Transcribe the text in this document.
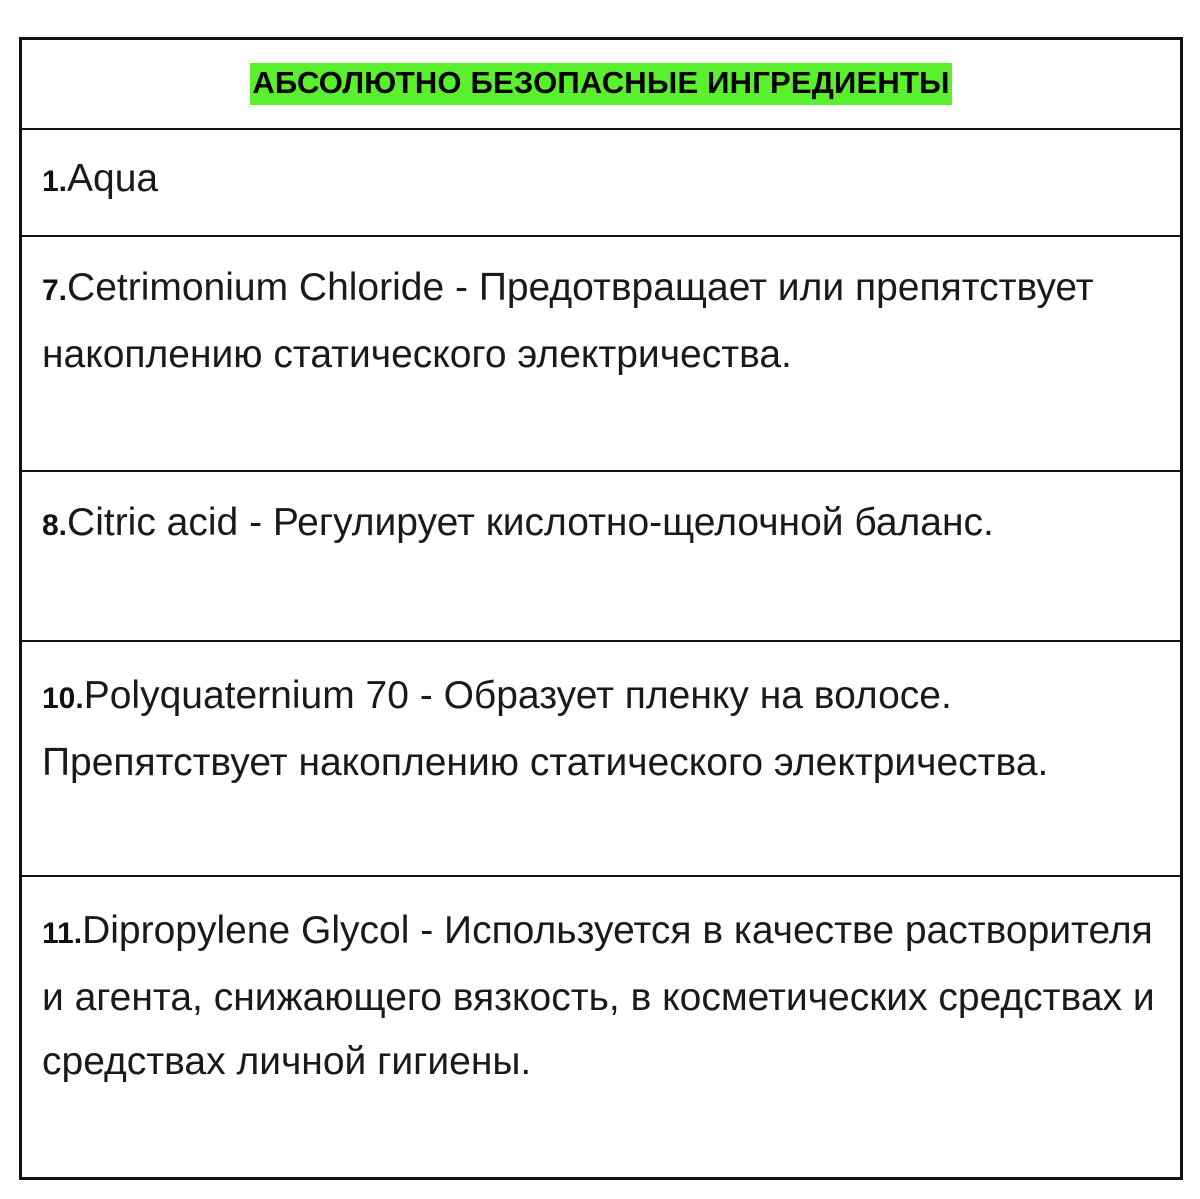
АБСОЛЮТНО БЕЗОПАСНЫЕ ИНГРЕДИЕНТЫ
1.Aqua
7.Cetrimonium Chloride - Предотвращает или препятствует накоплению статического электричества.
8.Citric acid - Регулирует кислотно-щелочной баланс.
10.Polyquaternium 70 - Образует пленку на волосе. Препятствует накоплению статического электричества.
11.Dipropylene Glycol - Используется в качестве растворителя и агента, снижающего вязкость, в косметических средствах и средствах личной гигиены.
